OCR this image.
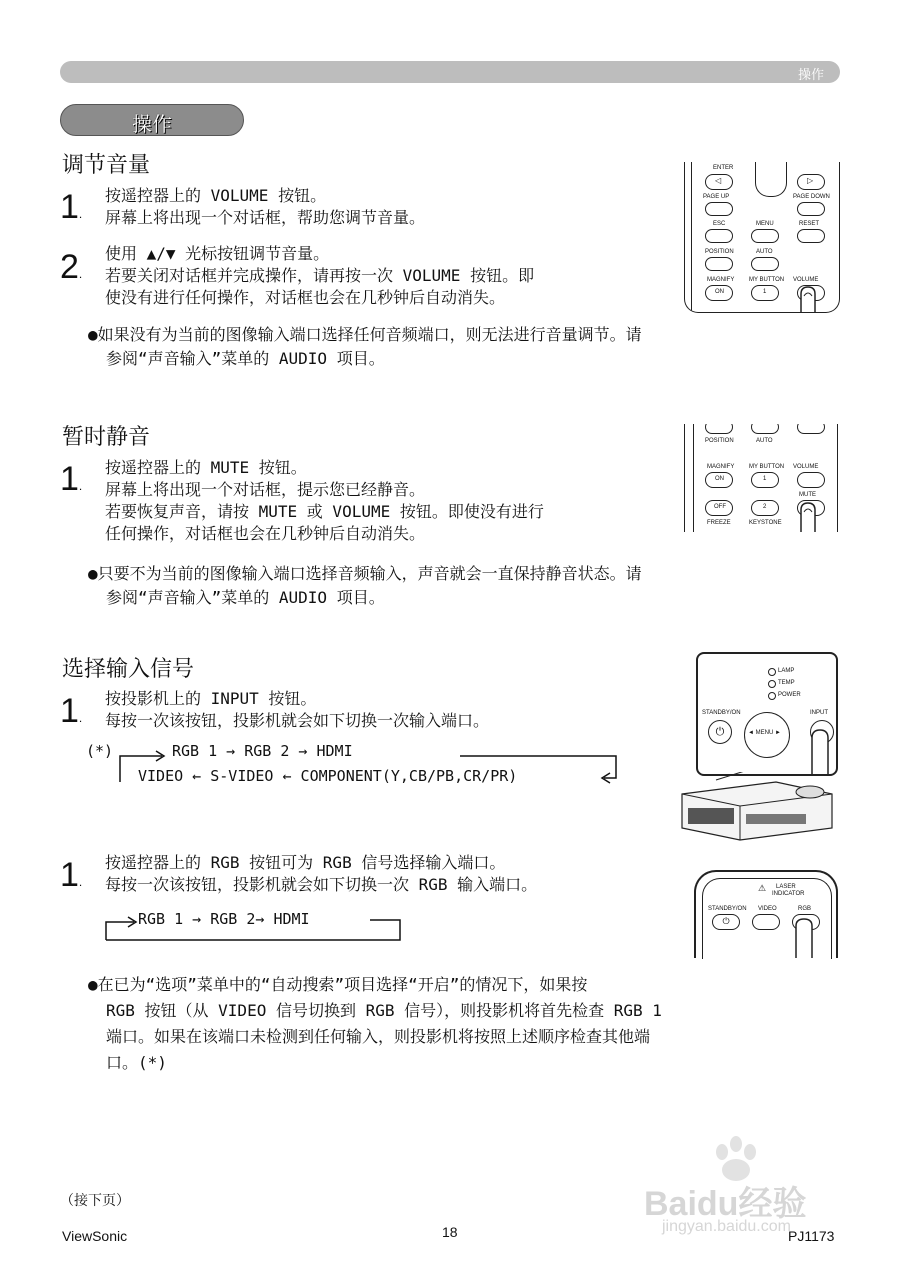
操作
操作
调节音量
1.
按遥控器上的 VOLUME 按钮。
屏幕上将出现一个对话框，帮助您调节音量。
2.
使用 ▲/▼ 光标按钮调节音量。
若要关闭对话框并完成操作，请再按一次 VOLUME 按钮。即
使没有进行任何操作，对话框也会在几秒钟后自动消失。
●如果没有为当前的图像输入端口选择任何音频端口，则无法进行音量调节。请
参阅“声音输入”菜单的 AUDIO 项目。
ENTER
◁	▷
PAGE UP	PAGE DOWN
ESC	MENU	RESET
POSITION	AUTO
MAGNIFY MY BUTTON VOLUME
ON	1
暂时静音
1.
按遥控器上的 MUTE 按钮。
屏幕上将出现一个对话框，提示您已经静音。
若要恢复声音，请按 MUTE 或 VOLUME 按钮。即使没有进行
任何操作，对话框也会在几秒钟后自动消失。
●只要不为当前的图像输入端口选择音频输入，声音就会一直保持静音状态。请
参阅“声音输入”菜单的 AUDIO 项目。
POSITION	AUTO
MAGNIFY MY BUTTON VOLUME
ON	1
MUTE
OFF	2
FREEZE	KEYSTONE
选择输入信号
1.
按投影机上的 INPUT 按钮。
每按一次该按钮，投影机就会如下切换一次输入端口。
(*)	RGB 1 → RGB 2 → HDMI
VIDEO ← S-VIDEO ← COMPONENT(Y,CB/PB,CR/PR)
LAMP
TEMP
POWER
STANDBY/ON
⏻	◄ MENU ►
INPUT
1.
按遥控器上的 RGB 按钮可为 RGB 信号选择输入端口。
每按一次该按钮，投影机就会如下切换一次 RGB 输入端口。
RGB 1 → RGB 2→ HDMI
⚠ LASER
INDICATOR
STANDBY/ON VIDEO	RGB
⏻
●在已为“选项”菜单中的“自动搜索”项目选择“开启”的情况下，如果按
RGB 按钮（从 VIDEO 信号切换到 RGB 信号），则投影机将首先检查 RGB 1
端口。如果在该端口未检测到任何输入，则投影机将按照上述顺序检查其他端
口。(*)
（接下页）
ViewSonic	18	PJ1173
Baidu经验
jingyan.baidu.com
